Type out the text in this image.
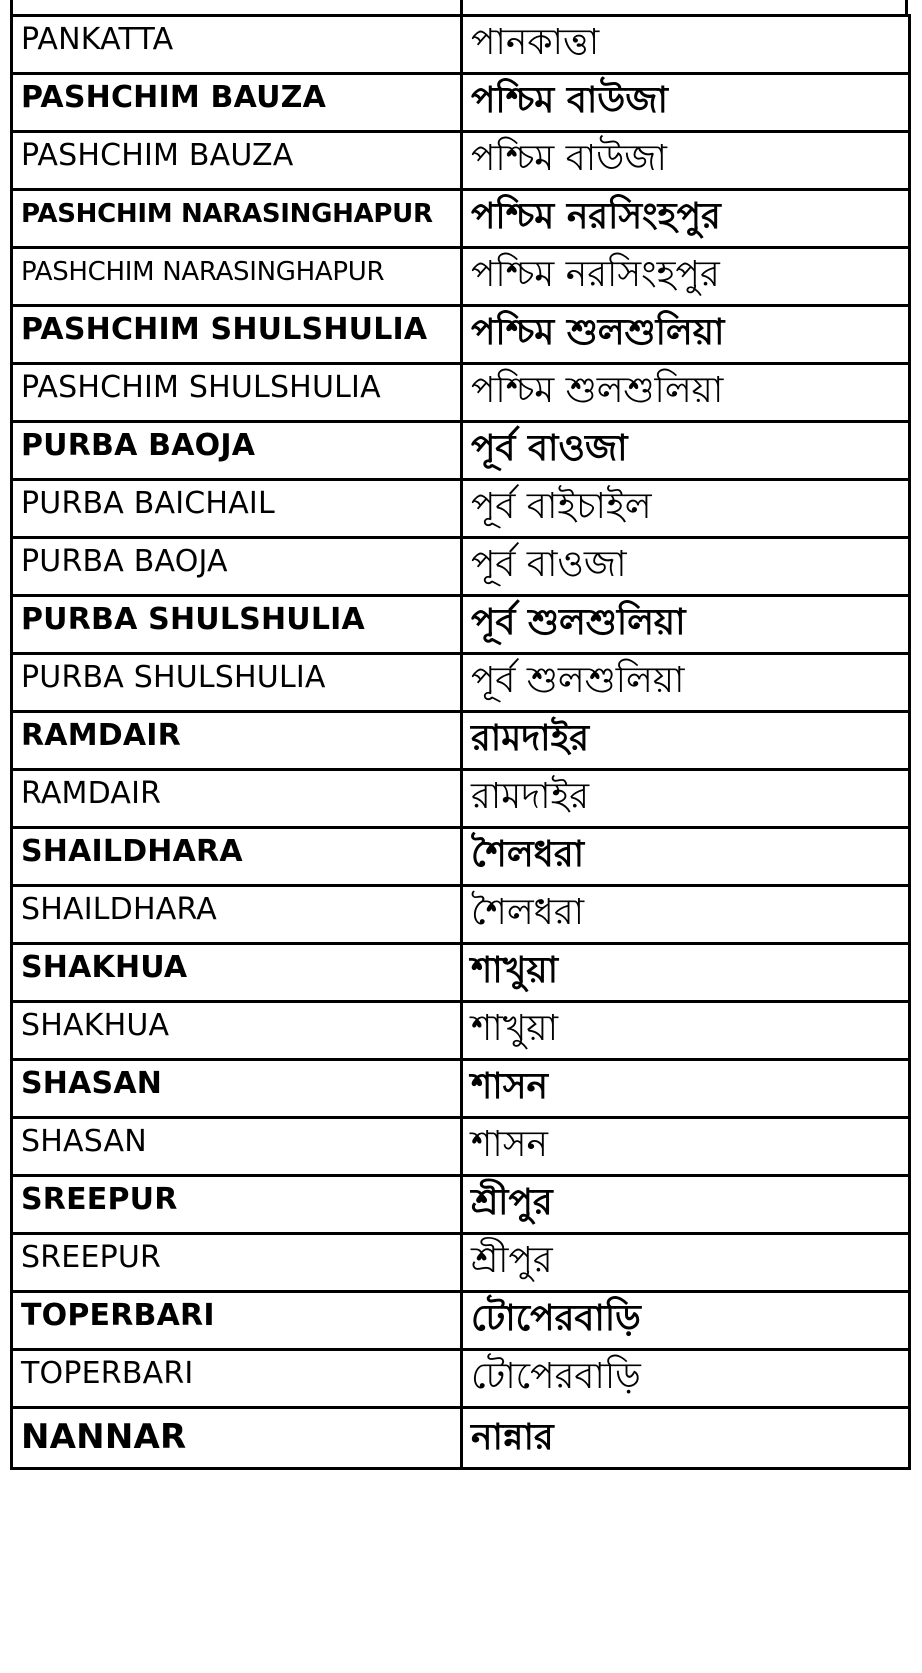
PANKATTA	পানকাত্তা
PASHCHIM BAUZA	পশ্চিম বাউজা
PASHCHIM BAUZA	পশ্চিম বাউজা
PASHCHIM NARASINGHAPUR	পশ্চিম নরসিংহপুর
PASHCHIM NARASINGHAPUR	পশ্চিম নরসিংহপুর
PASHCHIM SHULSHULIA	পশ্চিম শুলশুলিয়া
PASHCHIM SHULSHULIA	পশ্চিম শুলশুলিয়া
PURBA BAOJA	পূর্ব বাওজা
PURBA BAICHAIL	পূর্ব বাইচাইল
PURBA BAOJA	পূর্ব বাওজা
PURBA SHULSHULIA	পূর্ব শুলশুলিয়া
PURBA SHULSHULIA	পূর্ব শুলশুলিয়া
RAMDAIR	রামদাইর
RAMDAIR	রামদাইর
SHAILDHARA	শৈলধরা
SHAILDHARA	শৈলধরা
SHAKHUA	শাখুয়া
SHAKHUA	শাখুয়া
SHASAN	শাসন
SHASAN	শাসন
SREEPUR	শ্রীপুর
SREEPUR	শ্রীপুর
TOPERBARI	টোপেরবাড়ি
TOPERBARI	টোপেরবাড়ি
NANNAR	নান্নার
